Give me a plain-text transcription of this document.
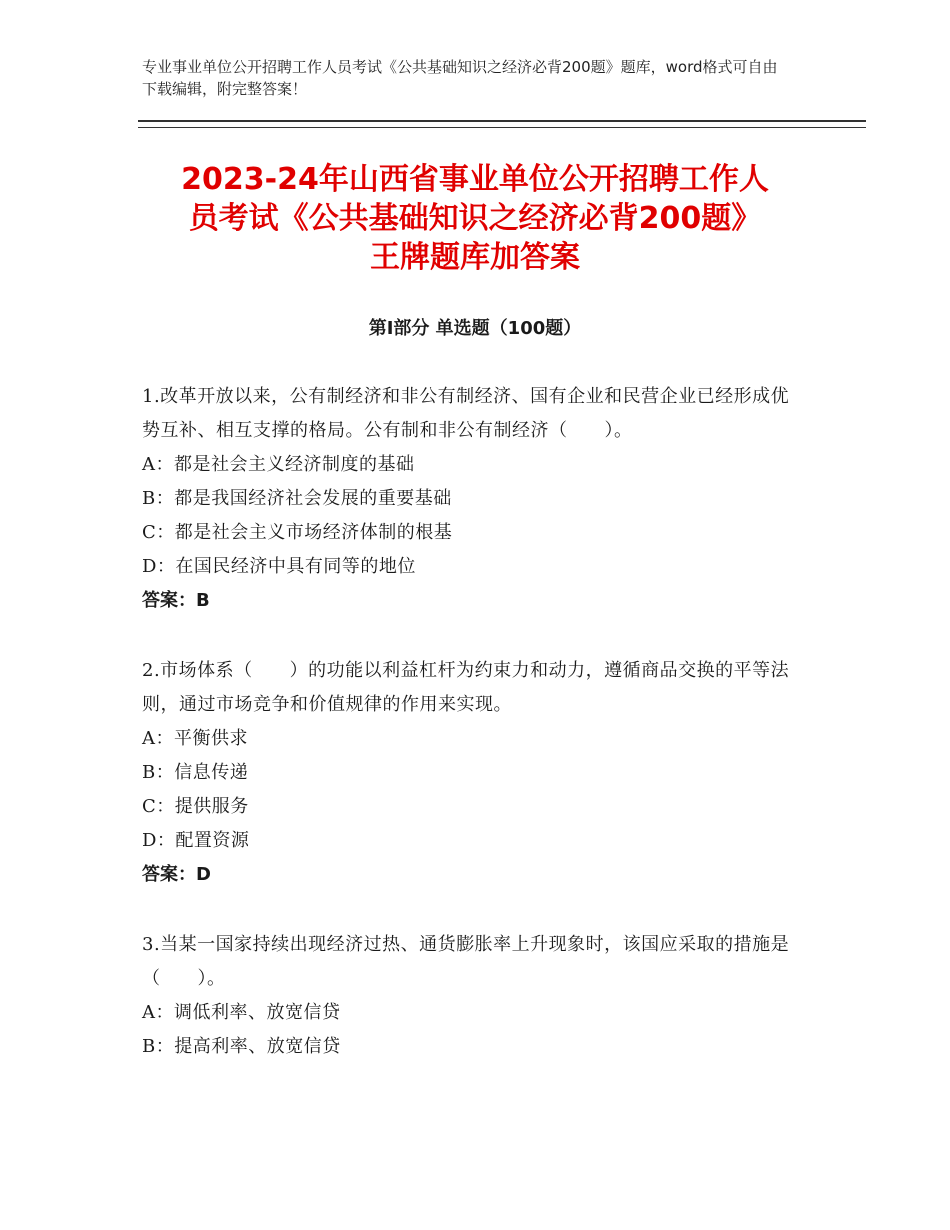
专业事业单位公开招聘工作人员考试《公共基础知识之经济必背200题》题库，word格式可自由下载编辑，附完整答案！
2023-24年山西省事业单位公开招聘工作人
员考试《公共基础知识之经济必背200题》
王牌题库加答案
第Ⅰ部分 单选题（100题）
1.改革开放以来，公有制经济和非公有制经济、国有企业和民营企业已经形成优势互补、相互支撑的格局。公有制和非公有制经济（　　）。
A：都是社会主义经济制度的基础
B：都是我国经济社会发展的重要基础
C：都是社会主义市场经济体制的根基
D：在国民经济中具有同等的地位
答案：B
2.市场体系（　　）的功能以利益杠杆为约束力和动力，遵循商品交换的平等法则，通过市场竞争和价值规律的作用来实现。
A：平衡供求
B：信息传递
C：提供服务
D：配置资源
答案：D
3.当某一国家持续出现经济过热、通货膨胀率上升现象时，该国应采取的措施是（　　）。
A：调低利率、放宽信贷
B：提高利率、放宽信贷
